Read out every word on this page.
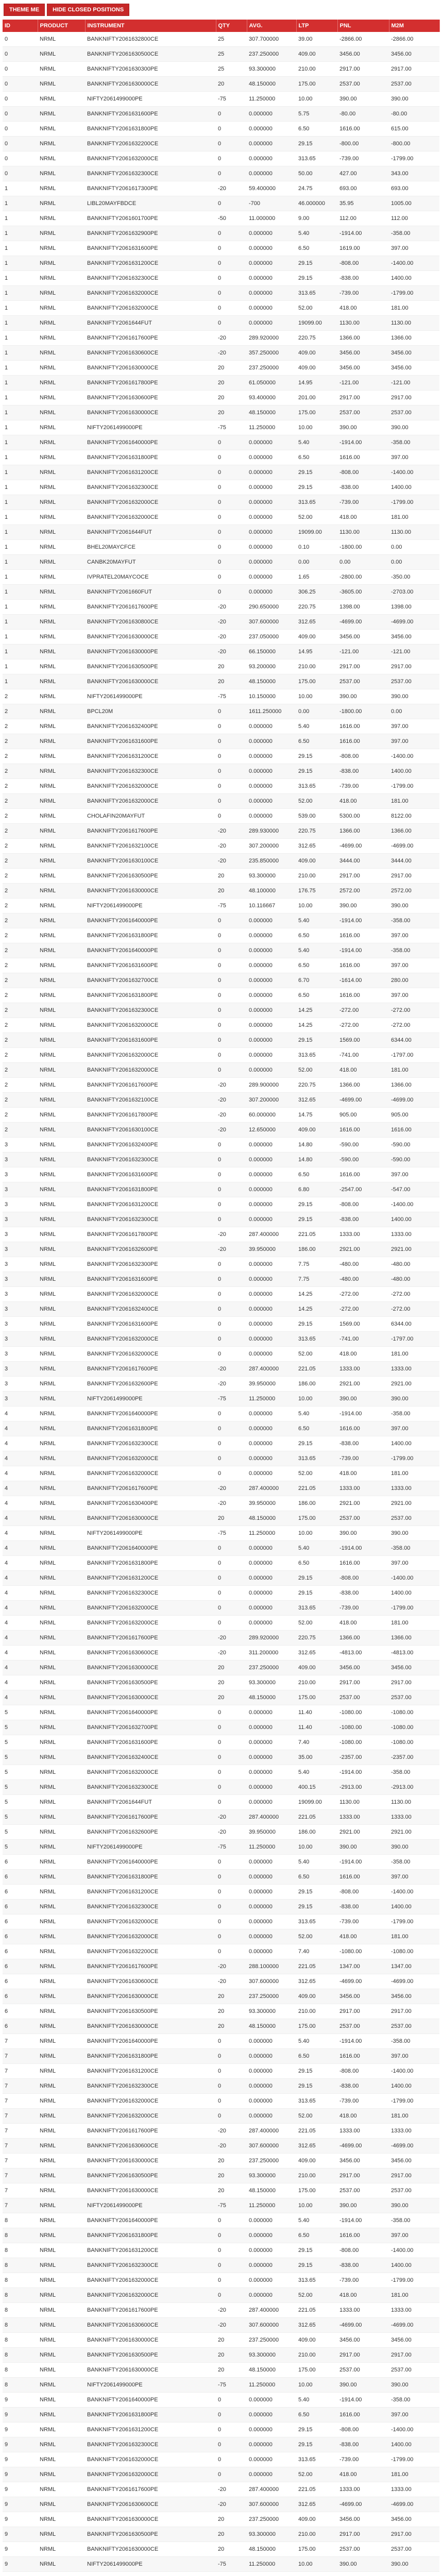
THEME ME	HIDE CLOSED POSITIONS
ID	PRODUCT	INSTRUMENT	QTY	AVG.	LTP	PNL	M2M
0	NRML	BANKNIFTY2061632800CE	25	307.700000	39.00	-2866.00	-2866.00
0	NRML	BANKNIFTY2061630500CE	25	237.250000	409.00	3456.00	3456.00
0	NRML	BANKNIFTY2061630300PE	25	93.300000	210.00	2917.00	2917.00
0	NRML	BANKNIFTY2061630000CE	20	48.150000	175.00	2537.00	2537.00
0	NRML	NIFTY2061499000PE	-75	11.250000	10.00	390.00	390.00
0	NRML	BANKNIFTY2061631600PE	0	0.000000	5.75	-80.00	-80.00
0	NRML	BANKNIFTY2061631800PE	0	0.000000	6.50	1616.00	615.00
0	NRML	BANKNIFTY2061632200CE	0	0.000000	29.15	-800.00	-800.00
0	NRML	BANKNIFTY2061632000CE	0	0.000000	313.65	-739.00	-1799.00
0	NRML	BANKNIFTY2061632300CE	0	0.000000	50.00	427.00	343.00
1	NRML	BANKNIFTY2061617300PE	-20	59.400000	24.75	693.00	693.00
1	NRML	LIBL20MAYFBDCE	0	-700	46.000000	35.95	1005.00
1	NRML	BANKNIFTY2061601700PE	-50	11.000000	9.00	112.00	112.00
1	NRML	BANKNIFTY2061632900PE	0	0.000000	5.40	-1914.00	-358.00
1	NRML	BANKNIFTY2061631600PE	0	0.000000	6.50	1619.00	397.00
1	NRML	BANKNIFTY2061631200CE	0	0.000000	29.15	-808.00	-1400.00
1	NRML	BANKNIFTY2061632300CE	0	0.000000	29.15	-838.00	1400.00
1	NRML	BANKNIFTY2061632000CE	0	0.000000	313.65	-739.00	-1799.00
1	NRML	BANKNIFTY2061632000CE	0	0.000000	52.00	418.00	181.00
1	NRML	BANKNIFTY2061644FUT	0	0.000000	19099.00	1130.00	1130.00
1	NRML	BANKNIFTY2061617600PE	-20	289.920000	220.75	1366.00	1366.00
1	NRML	BANKNIFTY2061630600CE	-20	357.250000	409.00	3456.00	3456.00
1	NRML	BANKNIFTY2061630000CE	20	237.250000	409.00	3456.00	3456.00
1	NRML	BANKNIFTY2061617800PE	20	61.050000	14.95	-121.00	-121.00
1	NRML	BANKNIFTY2061630600PE	20	93.400000	201.00	2917.00	2917.00
1	NRML	BANKNIFTY2061630000CE	20	48.150000	175.00	2537.00	2537.00
1	NRML	NIFTY2061499000PE	-75	11.250000	10.00	390.00	390.00
1	NRML	BANKNIFTY2061640000PE	0	0.000000	5.40	-1914.00	-358.00
1	NRML	BANKNIFTY2061631800PE	0	0.000000	6.50	1616.00	397.00
1	NRML	BANKNIFTY2061631200CE	0	0.000000	29.15	-808.00	-1400.00
1	NRML	BANKNIFTY2061632300CE	0	0.000000	29.15	-838.00	1400.00
1	NRML	BANKNIFTY2061632000CE	0	0.000000	313.65	-739.00	-1799.00
1	NRML	BANKNIFTY2061632000CE	0	0.000000	52.00	418.00	181.00
1	NRML	BANKNIFTY2061644FUT	0	0.000000	19099.00	1130.00	1130.00
1	NRML	BHEL20MAYCFCE	0	0.000000	0.10	-1800.00	0.00
1	NRML	CANBK20MAYFUT	0	0.000000	0.00	0.00	0.00
1	NRML	IVPRATEL20MAYCOCE	0	0.000000	1.65	-2800.00	-350.00
1	NRML	BANKNIFTY2061660FUT	0	0.000000	306.25	-3605.00	-2703.00
1	NRML	BANKNIFTY2061617600PE	-20	290.650000	220.75	1398.00	1398.00
1	NRML	BANKNIFTY2061630800CE	-20	307.600000	312.65	-4699.00	-4699.00
1	NRML	BANKNIFTY2061630000CE	-20	237.050000	409.00	3456.00	3456.00
1	NRML	BANKNIFTY2061630000PE	-20	66.150000	14.95	-121.00	-121.00
1	NRML	BANKNIFTY2061630500PE	20	93.200000	210.00	2917.00	2917.00
1	NRML	BANKNIFTY2061630000CE	20	48.150000	175.00	2537.00	2537.00
2	NRML	NIFTY2061499000PE	-75	10.150000	10.00	390.00	390.00
2	NRML	BPCL20M	0	1611.250000	0.00	-1800.00	0.00
2	NRML	BANKNIFTY2061632400PE	0	0.000000	5.40	1616.00	397.00
2	NRML	BANKNIFTY2061631600PE	0	0.000000	6.50	1616.00	397.00
2	NRML	BANKNIFTY2061631200CE	0	0.000000	29.15	-808.00	-1400.00
2	NRML	BANKNIFTY2061632300CE	0	0.000000	29.15	-838.00	1400.00
2	NRML	BANKNIFTY2061632000CE	0	0.000000	313.65	-739.00	-1799.00
2	NRML	BANKNIFTY2061632000CE	0	0.000000	52.00	418.00	181.00
2	NRML	CHOLAFIN20MAYFUT	0	0.000000	539.00	5300.00	8122.00
2	NRML	BANKNIFTY2061617600PE	-20	289.930000	220.75	1366.00	1366.00
2	NRML	BANKNIFTY2061632100CE	-20	307.200000	312.65	-4699.00	-4699.00
2	NRML	BANKNIFTY2061630100CE	-20	235.850000	409.00	3444.00	3444.00
2	NRML	BANKNIFTY2061630500PE	20	93.300000	210.00	2917.00	2917.00
2	NRML	BANKNIFTY2061630000CE	20	48.100000	176.75	2572.00	2572.00
2	NRML	NIFTY2061499000PE	-75	10.116667	10.00	390.00	390.00
2	NRML	BANKNIFTY2061640000PE	0	0.000000	5.40	-1914.00	-358.00
2	NRML	BANKNIFTY2061631800PE	0	0.000000	6.50	1616.00	397.00
2	NRML	BANKNIFTY2061640000PE	0	0.000000	5.40	-1914.00	-358.00
2	NRML	BANKNIFTY2061631600PE	0	0.000000	6.50	1616.00	397.00
2	NRML	BANKNIFTY2061632700CE	0	0.000000	6.70	-1614.00	280.00
2	NRML	BANKNIFTY2061631800PE	0	0.000000	6.50	1616.00	397.00
2	NRML	BANKNIFTY2061632300CE	0	0.000000	14.25	-272.00	-272.00
2	NRML	BANKNIFTY2061632000CE	0	0.000000	14.25	-272.00	-272.00
2	NRML	BANKNIFTY2061631600PE	0	0.000000	29.15	1569.00	6344.00
2	NRML	BANKNIFTY2061632000CE	0	0.000000	313.65	-741.00	-1797.00
2	NRML	BANKNIFTY2061632000CE	0	0.000000	52.00	418.00	181.00
2	NRML	BANKNIFTY2061617600PE	-20	289.900000	220.75	1366.00	1366.00
2	NRML	BANKNIFTY2061632100CE	-20	307.200000	312.65	-4699.00	-4699.00
2	NRML	BANKNIFTY2061617800PE	-20	60.000000	14.75	905.00	905.00
2	NRML	BANKNIFTY2061630100CE	-20	12.650000	409.00	1616.00	1616.00
3	NRML	BANKNIFTY2061632400PE	0	0.000000	14.80	-590.00	-590.00
3	NRML	BANKNIFTY2061632300CE	0	0.000000	14.80	-590.00	-590.00
3	NRML	BANKNIFTY2061631600PE	0	0.000000	6.50	1616.00	397.00
3	NRML	BANKNIFTY2061631800PE	0	0.000000	6.80	-2547.00	-547.00
3	NRML	BANKNIFTY2061631200CE	0	0.000000	29.15	-808.00	-1400.00
3	NRML	BANKNIFTY2061632300CE	0	0.000000	29.15	-838.00	1400.00
3	NRML	BANKNIFTY2061617800PE	-20	287.400000	221.05	1333.00	1333.00
3	NRML	BANKNIFTY2061632600PE	-20	39.950000	186.00	2921.00	2921.00
3	NRML	BANKNIFTY2061632300PE	0	0.000000	7.75	-480.00	-480.00
3	NRML	BANKNIFTY2061631600PE	0	0.000000	7.75	-480.00	-480.00
3	NRML	BANKNIFTY2061632000CE	0	0.000000	14.25	-272.00	-272.00
3	NRML	BANKNIFTY2061632400CE	0	0.000000	14.25	-272.00	-272.00
3	NRML	BANKNIFTY2061631600PE	0	0.000000	29.15	1569.00	6344.00
3	NRML	BANKNIFTY2061632000CE	0	0.000000	313.65	-741.00	-1797.00
3	NRML	BANKNIFTY2061632000CE	0	0.000000	52.00	418.00	181.00
3	NRML	BANKNIFTY2061617600PE	-20	287.400000	221.05	1333.00	1333.00
3	NRML	BANKNIFTY2061632600PE	-20	39.950000	186.00	2921.00	2921.00
3	NRML	NIFTY2061499000PE	-75	11.250000	10.00	390.00	390.00
4	NRML	BANKNIFTY2061640000PE	0	0.000000	5.40	-1914.00	-358.00
4	NRML	BANKNIFTY2061631800PE	0	0.000000	6.50	1616.00	397.00
4	NRML	BANKNIFTY2061632300CE	0	0.000000	29.15	-838.00	1400.00
4	NRML	BANKNIFTY2061632000CE	0	0.000000	313.65	-739.00	-1799.00
4	NRML	BANKNIFTY2061632000CE	0	0.000000	52.00	418.00	181.00
4	NRML	BANKNIFTY2061617600PE	-20	287.400000	221.05	1333.00	1333.00
4	NRML	BANKNIFTY2061630400PE	-20	39.950000	186.00	2921.00	2921.00
4	NRML	BANKNIFTY2061630000CE	20	48.150000	175.00	2537.00	2537.00
4	NRML	NIFTY2061499000PE	-75	11.250000	10.00	390.00	390.00
4	NRML	BANKNIFTY2061640000PE	0	0.000000	5.40	-1914.00	-358.00
4	NRML	BANKNIFTY2061631800PE	0	0.000000	6.50	1616.00	397.00
4	NRML	BANKNIFTY2061631200CE	0	0.000000	29.15	-808.00	-1400.00
4	NRML	BANKNIFTY2061632300CE	0	0.000000	29.15	-838.00	1400.00
4	NRML	BANKNIFTY2061632000CE	0	0.000000	313.65	-739.00	-1799.00
4	NRML	BANKNIFTY2061632000CE	0	0.000000	52.00	418.00	181.00
4	NRML	BANKNIFTY2061617600PE	-20	289.920000	220.75	1366.00	1366.00
4	NRML	BANKNIFTY2061630600CE	-20	311.200000	312.65	-4813.00	-4813.00
4	NRML	BANKNIFTY2061630000CE	20	237.250000	409.00	3456.00	3456.00
4	NRML	BANKNIFTY2061630500PE	20	93.300000	210.00	2917.00	2917.00
4	NRML	BANKNIFTY2061630000CE	20	48.150000	175.00	2537.00	2537.00
5	NRML	BANKNIFTY2061640000PE	0	0.000000	11.40	-1080.00	-1080.00
5	NRML	BANKNIFTY2061632700PE	0	0.000000	11.40	-1080.00	-1080.00
5	NRML	BANKNIFTY2061631600PE	0	0.000000	7.40	-1080.00	-1080.00
5	NRML	BANKNIFTY2061632400CE	0	0.000000	35.00	-2357.00	-2357.00
5	NRML	BANKNIFTY2061632000CE	0	0.000000	5.40	-1914.00	-358.00
5	NRML	BANKNIFTY2061632300CE	0	0.000000	400.15	-2913.00	-2913.00
5	NRML	BANKNIFTY2061644FUT	0	0.000000	19099.00	1130.00	1130.00
5	NRML	BANKNIFTY2061617600PE	-20	287.400000	221.05	1333.00	1333.00
5	NRML	BANKNIFTY2061632600PE	-20	39.950000	186.00	2921.00	2921.00
5	NRML	NIFTY2061499000PE	-75	11.250000	10.00	390.00	390.00
6	NRML	BANKNIFTY2061640000PE	0	0.000000	5.40	-1914.00	-358.00
6	NRML	BANKNIFTY2061631800PE	0	0.000000	6.50	1616.00	397.00
6	NRML	BANKNIFTY2061631200CE	0	0.000000	29.15	-808.00	-1400.00
6	NRML	BANKNIFTY2061632300CE	0	0.000000	29.15	-838.00	1400.00
6	NRML	BANKNIFTY2061632000CE	0	0.000000	313.65	-739.00	-1799.00
6	NRML	BANKNIFTY2061632000CE	0	0.000000	52.00	418.00	181.00
6	NRML	BANKNIFTY2061632200CE	0	0.000000	7.40	-1080.00	-1080.00
6	NRML	BANKNIFTY2061617600PE	-20	288.100000	221.05	1347.00	1347.00
6	NRML	BANKNIFTY2061630600CE	-20	307.600000	312.65	-4699.00	-4699.00
6	NRML	BANKNIFTY2061630000CE	20	237.250000	409.00	3456.00	3456.00
6	NRML	BANKNIFTY2061630500PE	20	93.300000	210.00	2917.00	2917.00
6	NRML	BANKNIFTY2061630000CE	20	48.150000	175.00	2537.00	2537.00
7	NRML	BANKNIFTY2061640000PE	0	0.000000	5.40	-1914.00	-358.00
7	NRML	BANKNIFTY2061631800PE	0	0.000000	6.50	1616.00	397.00
7	NRML	BANKNIFTY2061631200CE	0	0.000000	29.15	-808.00	-1400.00
7	NRML	BANKNIFTY2061632300CE	0	0.000000	29.15	-838.00	1400.00
7	NRML	BANKNIFTY2061632000CE	0	0.000000	313.65	-739.00	-1799.00
7	NRML	BANKNIFTY2061632000CE	0	0.000000	52.00	418.00	181.00
7	NRML	BANKNIFTY2061617600PE	-20	287.400000	221.05	1333.00	1333.00
7	NRML	BANKNIFTY2061630600CE	-20	307.600000	312.65	-4699.00	-4699.00
7	NRML	BANKNIFTY2061630000CE	20	237.250000	409.00	3456.00	3456.00
7	NRML	BANKNIFTY2061630500PE	20	93.300000	210.00	2917.00	2917.00
7	NRML	BANKNIFTY2061630000CE	20	48.150000	175.00	2537.00	2537.00
7	NRML	NIFTY2061499000PE	-75	11.250000	10.00	390.00	390.00
8	NRML	BANKNIFTY2061640000PE	0	0.000000	5.40	-1914.00	-358.00
8	NRML	BANKNIFTY2061631800PE	0	0.000000	6.50	1616.00	397.00
8	NRML	BANKNIFTY2061631200CE	0	0.000000	29.15	-808.00	-1400.00
8	NRML	BANKNIFTY2061632300CE	0	0.000000	29.15	-838.00	1400.00
8	NRML	BANKNIFTY2061632000CE	0	0.000000	313.65	-739.00	-1799.00
8	NRML	BANKNIFTY2061632000CE	0	0.000000	52.00	418.00	181.00
8	NRML	BANKNIFTY2061617600PE	-20	287.400000	221.05	1333.00	1333.00
8	NRML	BANKNIFTY2061630600CE	-20	307.600000	312.65	-4699.00	-4699.00
8	NRML	BANKNIFTY2061630000CE	20	237.250000	409.00	3456.00	3456.00
8	NRML	BANKNIFTY2061630500PE	20	93.300000	210.00	2917.00	2917.00
8	NRML	BANKNIFTY2061630000CE	20	48.150000	175.00	2537.00	2537.00
8	NRML	NIFTY2061499000PE	-75	11.250000	10.00	390.00	390.00
9	NRML	BANKNIFTY2061640000PE	0	0.000000	5.40	-1914.00	-358.00
9	NRML	BANKNIFTY2061631800PE	0	0.000000	6.50	1616.00	397.00
9	NRML	BANKNIFTY2061631200CE	0	0.000000	29.15	-808.00	-1400.00
9	NRML	BANKNIFTY2061632300CE	0	0.000000	29.15	-838.00	1400.00
9	NRML	BANKNIFTY2061632000CE	0	0.000000	313.65	-739.00	-1799.00
9	NRML	BANKNIFTY2061632000CE	0	0.000000	52.00	418.00	181.00
9	NRML	BANKNIFTY2061617600PE	-20	287.400000	221.05	1333.00	1333.00
9	NRML	BANKNIFTY2061630600CE	-20	307.600000	312.65	-4699.00	-4699.00
9	NRML	BANKNIFTY2061630000CE	20	237.250000	409.00	3456.00	3456.00
9	NRML	BANKNIFTY2061630500PE	20	93.300000	210.00	2917.00	2917.00
9	NRML	BANKNIFTY2061630000CE	20	48.150000	175.00	2537.00	2537.00
9	NRML	NIFTY2061499000PE	-75	11.250000	10.00	390.00	390.00
